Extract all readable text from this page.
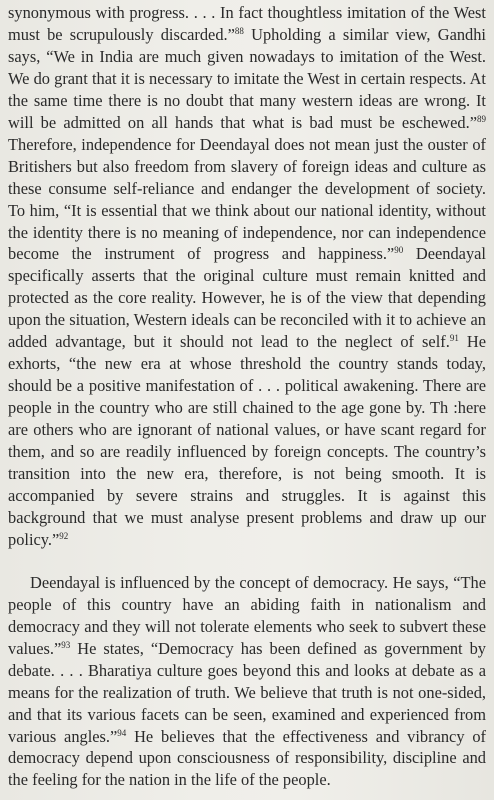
synonymous with progress. . . . In fact thoughtless imitation of the West must be scrupulously discarded.”$^{88}$ Upholding a similar view, Gandhi says, “We in India are much given nowadays to imitation of the West. We do grant that it is necessary to imitate the West in certain respects. At the same time there is no doubt that many western ideas are wrong. It will be admitted on all hands that what is bad must be eschewed.”$^{89}$ Therefore, independence for Deendayal does not mean just the ouster of Britishers but also freedom from slavery of foreign ideas and culture as these consume self-reliance and endanger the development of society. To him, “It is essential that we think about our national identity, without the identity there is no meaning of independence, nor can independence become the instrument of progress and happiness.”$^{90}$ Deendayal specifically asserts that the original culture must remain knitted and protected as the core reality. However, he is of the view that depending upon the situation, Western ideals can be reconciled with it to achieve an added advantage, but it should not lead to the neglect of self.$^{91}$ He exhorts, “the new era at whose threshold the country stands today, should be a positive manifestation of . . . political awakening. There are people in the country who are still chained to the age gone by. Th :here are others who are ignorant of national values, or have scant regard for them, and so are readily influenced by foreign concepts. The country’s transition into the new era, therefore, is not being smooth. It is accompanied by severe strains and struggles. It is against this background that we must analyse present problems and draw up our policy.”$^{92}$

Deendayal is influenced by the concept of democracy. He says, “The people of this country have an abiding faith in nationalism and democracy and they will not tolerate elements who seek to subvert these values.”$^{93}$ He states, “Democracy has been defined as government by debate. . . . Bharatiya culture goes beyond this and looks at debate as a means for the realization of truth. We believe that truth is not one-sided, and that its various facets can be seen, examined and experienced from various angles.”$^{94}$ He believes that the effectiveness and vibrancy of democracy depend upon consciousness of responsibility, discipline and the feeling for the nation in the life of the people.
